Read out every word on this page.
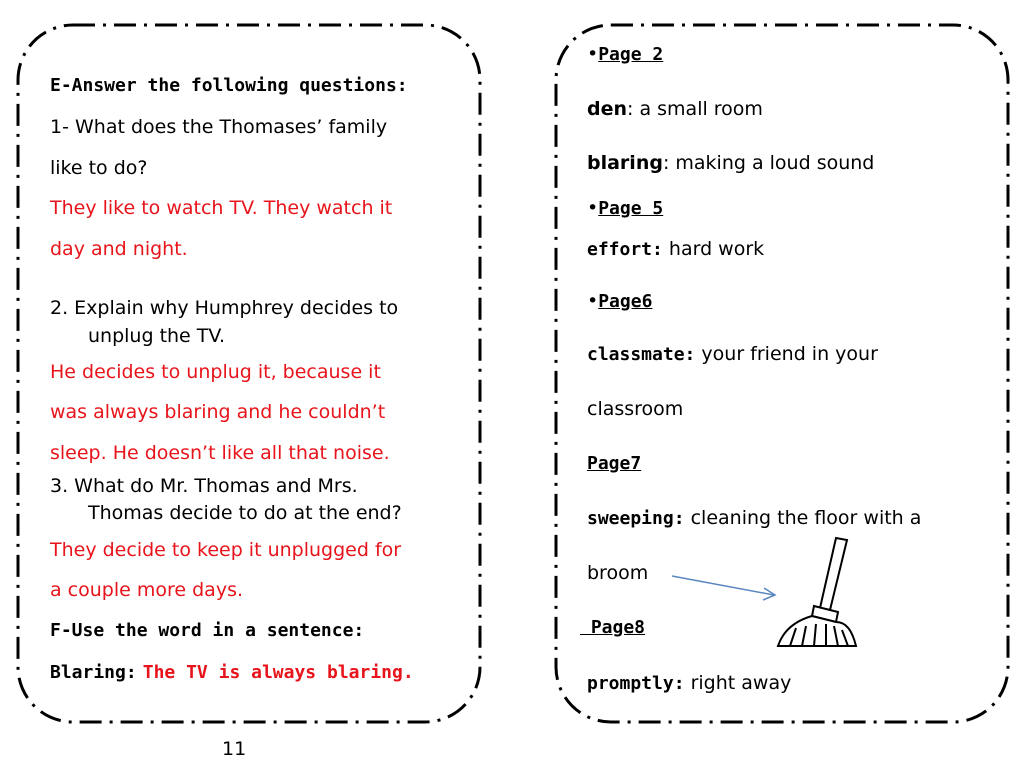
E-Answer the following questions:
1- What does the Thomases’ family
like to do?
They like to watch TV. They watch it
day and night.
2. Explain why Humphrey decides to
unplug the TV.
He decides to unplug it, because it
was always blaring and he couldn’t
sleep. He doesn’t like all that noise.
3. What do Mr. Thomas and Mrs.
Thomas decide to do at the end?
They decide to keep it unplugged for
a couple more days.
F-Use the word in a sentence:
Blaring: The TV is always blaring.
•Page 2
den: a small room
blaring: making a loud sound
•Page 5
effort: hard work
•Page6
classmate: your friend in your
classroom
Page7
sweeping: cleaning the floor with a
broom
Page8
promptly: right away
11
